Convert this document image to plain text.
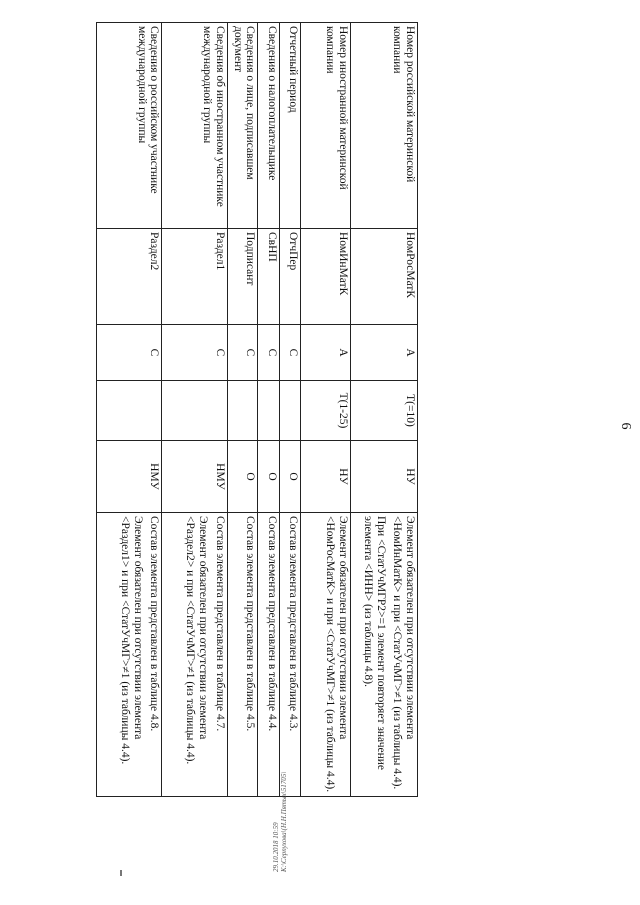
6
Номер российской материнской компании	НомРосМатК	А	Т(=10)	НУ	Элемент обязателен при отсутствии элемента <НомИнМатК> и при <СтатУчМГ>≠1 (из таблицы 4.4).

При <СтатУчМГР2>=1 элемент повторяет значение элемента <ИНН> (из таблицы 4.8).

Номер иностранной материнской компании	НомИнМатК	А	Т(1-25)	НУ	Элемент обязателен при отсутствии элемента <НомРосМатК> и при <СтатУчМГ>≠1 (из таблицы 4.4).

Отчетный период	ОтчПер	С		О	Состав элемента представлен в таблице 4.3.

Сведения о налогоплательщике	СвНП	С		О	Состав элемента представлен в таблице 4.4.

Сведения о лице, подписавшем документ	Подписант	С		О	Состав элемента представлен в таблице 4.5.

Сведения об иностранном участнике международной группы	Раздел1	С		НМУ	Состав элемента представлен в таблице 4.7.

Элемент обязателен при отсутствии элемента <Раздел2> и при <СтатУчМГ>≠1 (из таблицы 4.4).

Сведения о российском участнике международной группы	Раздел2	С		НМУ	Состав элемента представлен в таблице 4.8.

Элемент обязателен при отсутствии элемента <Раздел1> и при <СтатУчМГ>≠1 (из таблицы 4.4).

29.10.2018 10:59 К:\Серпухова\(Н.Н.Пятых\51705\
